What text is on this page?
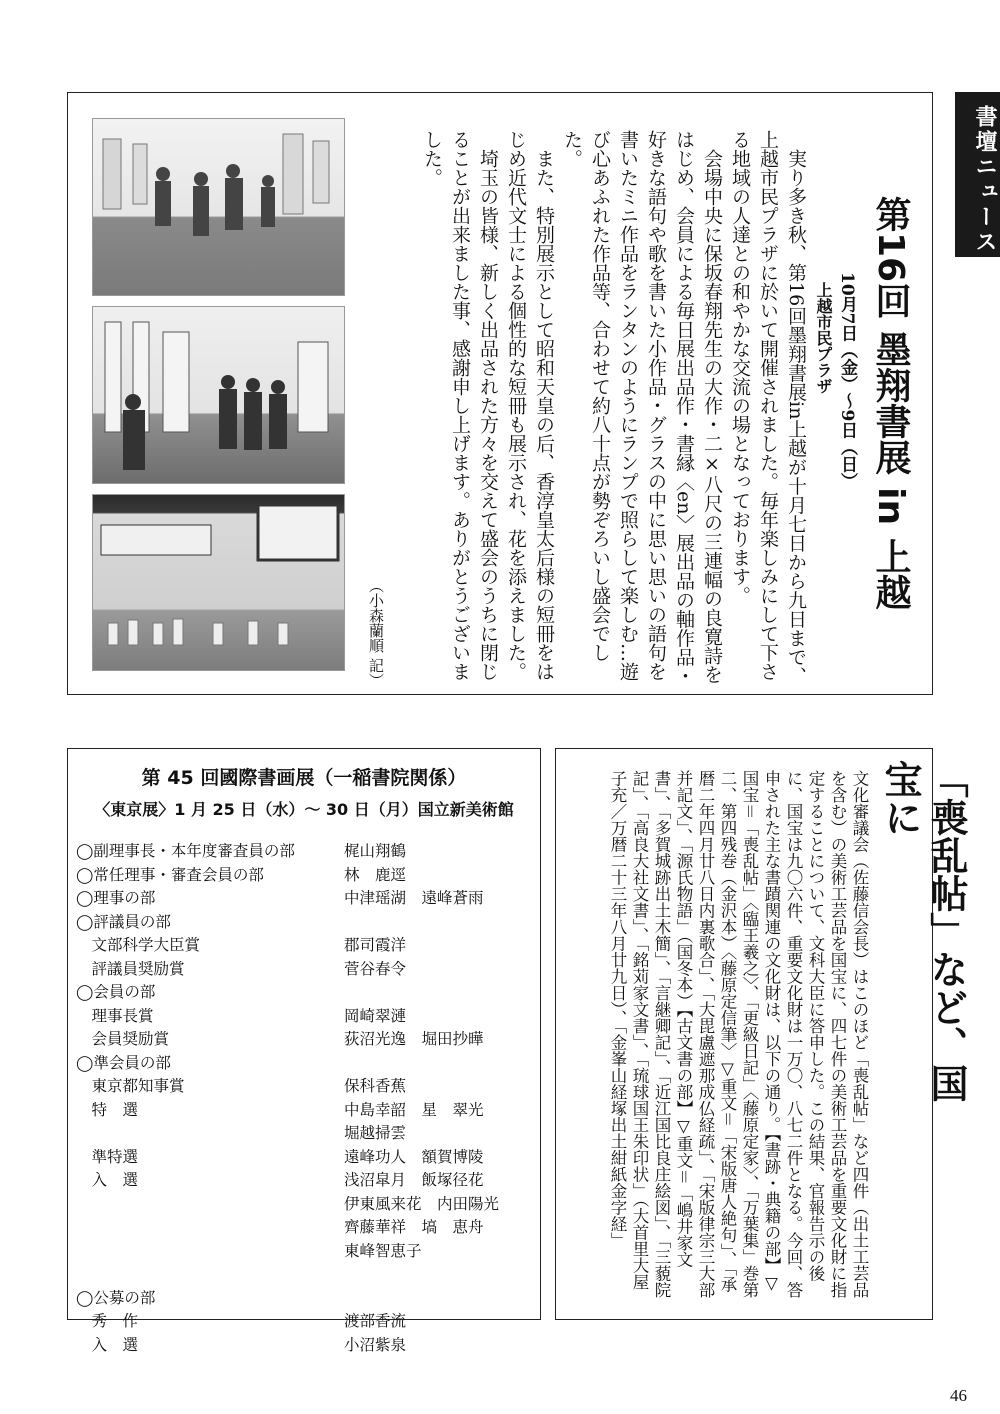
書壇ニュース
第16回 墨翔書展 in 上越
10月7日（金）～9日（日）
上越市民プラザ

実り多き秋、第16回墨翔書展in上越が十月七日から九日まで、上越市民プラザに於いて開催されました。毎年楽しみにして下さる地域の人達との和やかな交流の場となっております。

会場中央に保坂春翔先生の大作・二×八尺の三連幅の良寛詩をはじめ、会員による毎日展出品作・書縁〈en〉展出品の軸作品・好きな語句や歌を書いた小作品・グラスの中に思い思いの語句を書いたミニ作品をランタンのようにランプで照らして楽しむ…遊び心あふれた作品等、合わせて約八十点が勢ぞろいし盛会でした。

また、特別展示として昭和天皇の后、香淳皇太后様の短冊をはじめ近代文士による個性的な短冊も展示され、花を添えました。

埼玉の皆様、新しく出品された方々を交えて盛会のうちに閉じることが出来ました事、感謝申し上げます。ありがとうございました。

（小森蘭順 記）
第 45 回國際書画展（一稲書院関係）
〈東京展〉1 月 25 日（水）～ 30 日（月）国立新美術館
◯副理事長・本年度審査員の部	梶山翔鶴
◯常任理事・審査会員の部	林　鹿逕
◯理事の部	中津瑶湖　遠峰蒼雨
◯評議員の部
　文部科学大臣賞	郡司霞洋
　評議員奨励賞	菅谷春令
◯会員の部
　理事長賞	岡崎翠漣
　会員奨励賞	荻沼光逸　堀田抄曄
◯準会員の部
　東京都知事賞	保科香蕉
　特　選	中島幸韶　星　翠光
堀越掃雲
　準特選	遠峰功人　額賀博陵
　入　選	浅沼皐月　飯塚径花
伊東風来花　内田陽光
齊藤華祥　塙　恵舟
東峰智恵子
◯公募の部
　秀　作	渡部香流
　入　選	小沼紫泉
「喪乱帖」など、国宝に
文化審議会（佐藤信会長）はこのほど「喪乱帖」など四件（出土工芸品を含む）の美術工芸品を国宝に、四七件の美術工芸品を重要文化財に指定することについて、文科大臣に答申した。この結果、官報告示の後に、国宝は九〇六件、重要文化財は一万〇、八七二件となる。今回、答申された主な書蹟関連の文化財は、以下の通り。【書跡・典籍の部】▽国宝＝「喪乱帖」〈臨王羲之〉、「更級日記」〈藤原定家〉、「万葉集」巻第二、第四残巻（金沢本）〈藤原定信筆〉▽重文＝「宋版唐人絶句」、「承暦二年四月廿八日内裏歌合」、「大毘盧遮那成仏経疏」、「宋版律宗三大部并記文」、「源氏物語」（国冬本）【古文書の部】▽重文＝「嶋井家文書」、「多賀城跡出土木簡」、「言継卿記」、「近江国比良庄絵図」、「三藐院記」、「高良大社文書」、「銘苅家文書」、「琉球国王朱印状」（大首里大屋子充／万暦二十三年八月廿九日）、「金峯山経塚出土紺紙金字経」
46
